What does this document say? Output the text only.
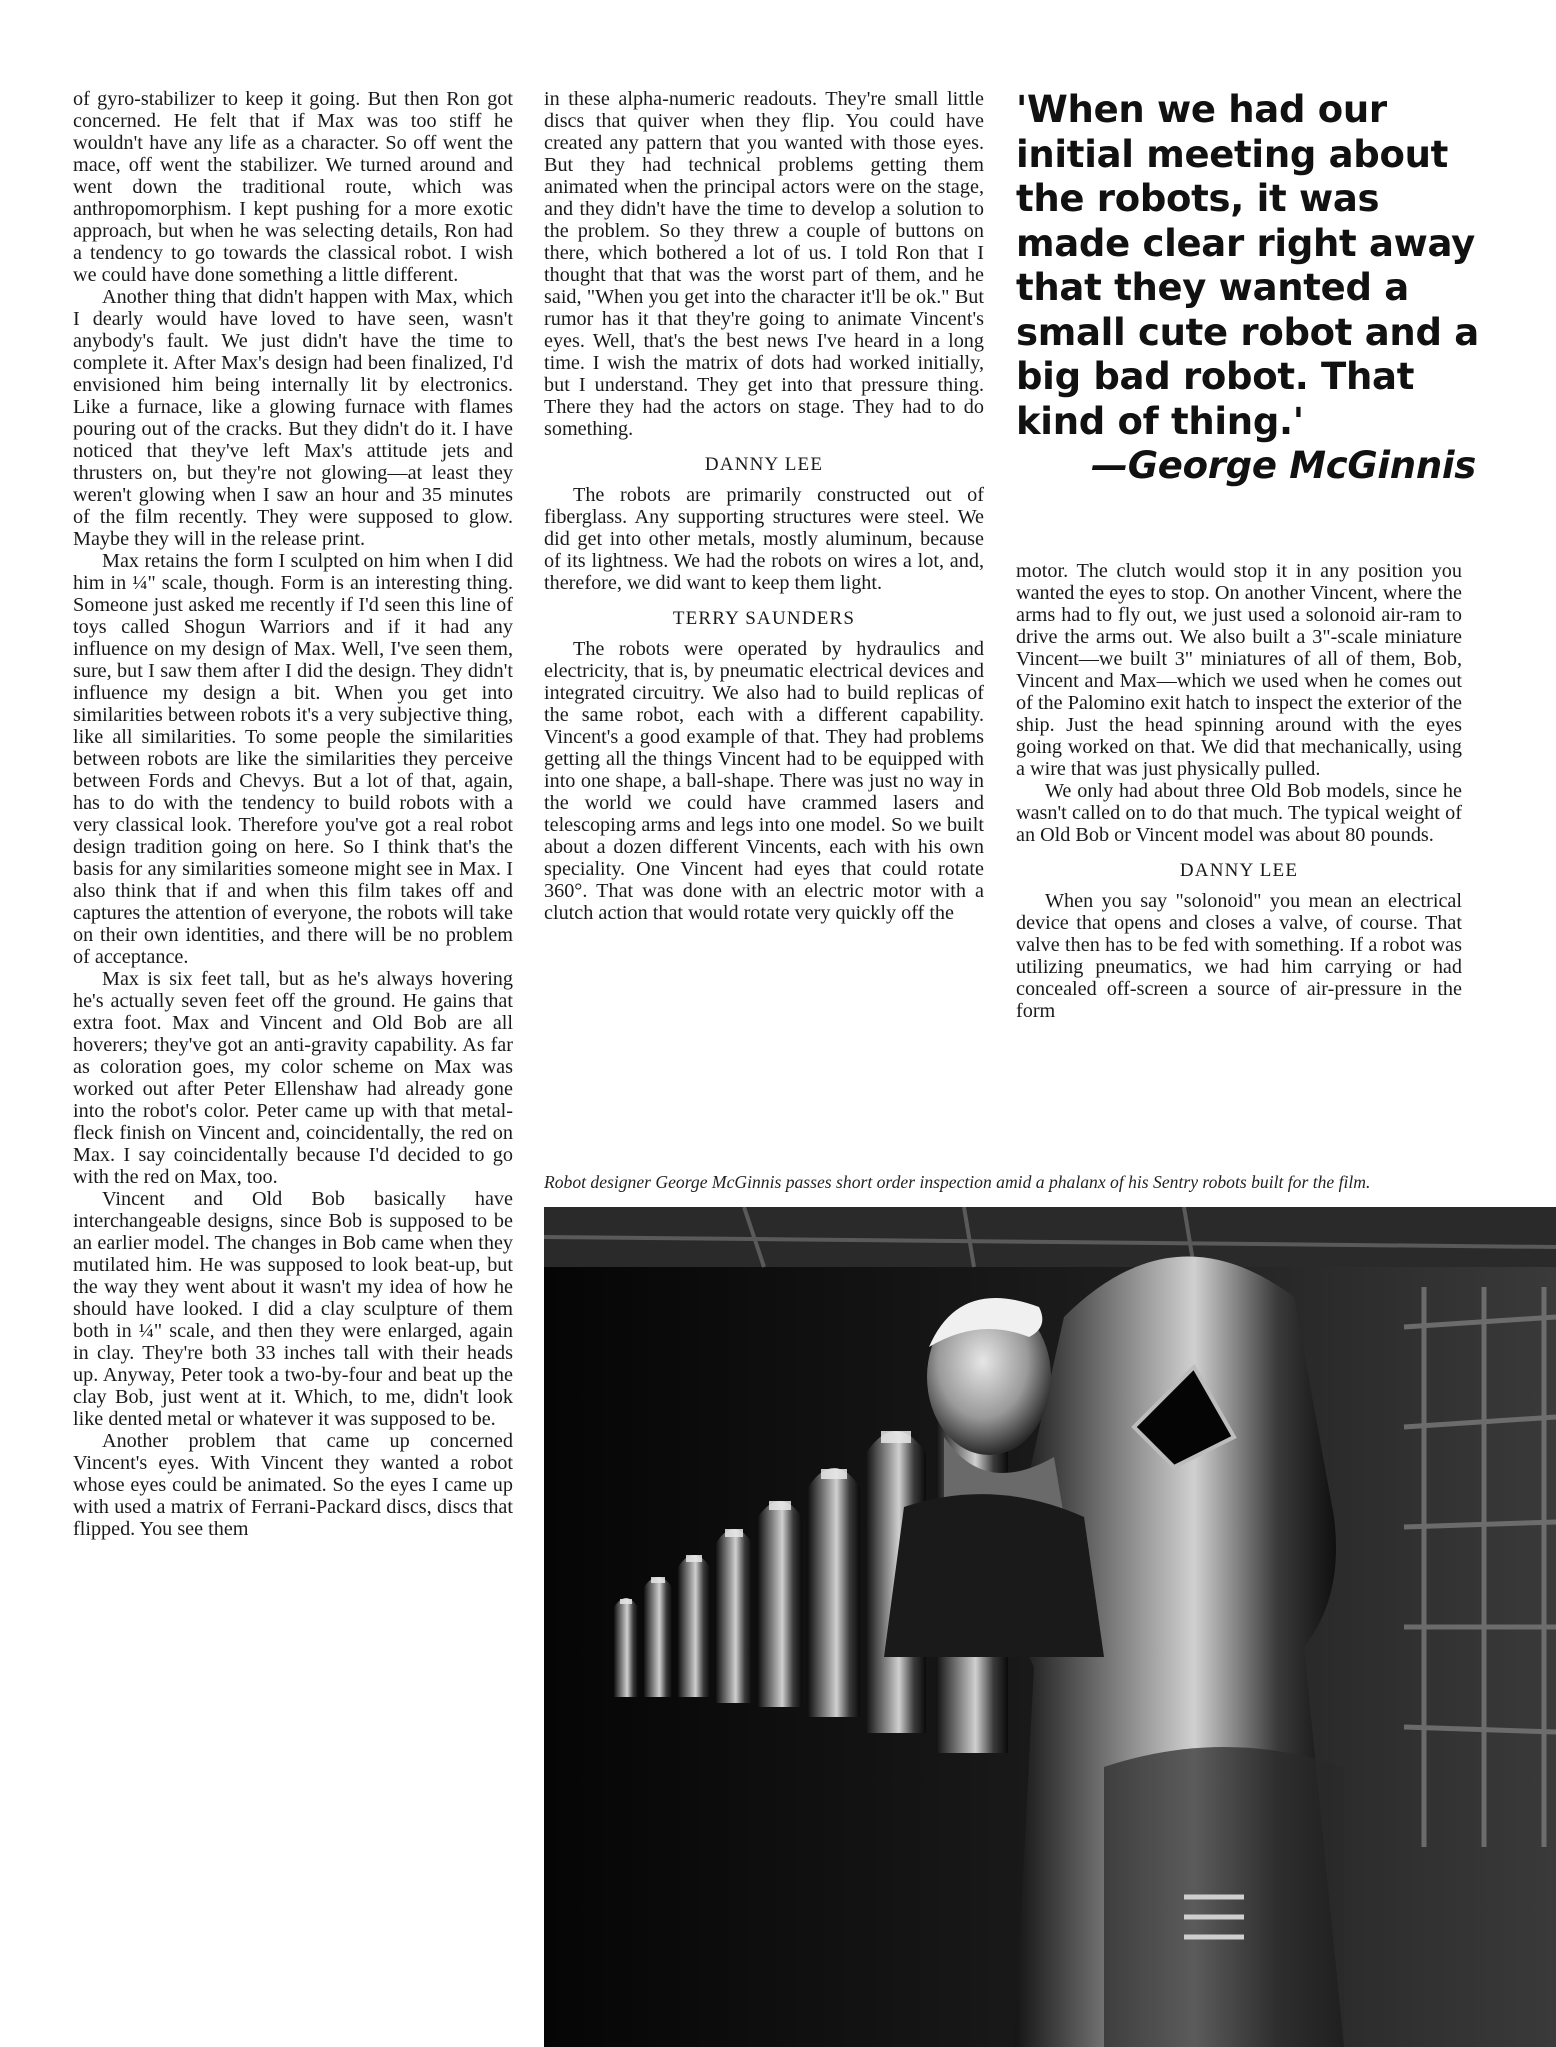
of gyro-stabilizer to keep it going. But then Ron got concerned. He felt that if Max was too stiff he wouldn't have any life as a character. So off went the mace, off went the stabilizer. We turned around and went down the traditional route, which was anthropomorphism. I kept pushing for a more exotic approach, but when he was selecting details, Ron had a tendency to go towards the classical robot. I wish we could have done something a little different.

Another thing that didn't happen with Max, which I dearly would have loved to have seen, wasn't anybody's fault. We just didn't have the time to complete it. After Max's design had been finalized, I'd envisioned him being internally lit by electronics. Like a furnace, like a glowing furnace with flames pouring out of the cracks. But they didn't do it. I have noticed that they've left Max's attitude jets and thrusters on, but they're not glowing—at least they weren't glowing when I saw an hour and 35 minutes of the film recently. They were supposed to glow. Maybe they will in the release print.

Max retains the form I sculpted on him when I did him in ¼" scale, though. Form is an interesting thing. Someone just asked me recently if I'd seen this line of toys called Shogun Warriors and if it had any influence on my design of Max. Well, I've seen them, sure, but I saw them after I did the design. They didn't influence my design a bit. When you get into similarities between robots it's a very subjective thing, like all similarities. To some people the similarities between robots are like the similarities they perceive between Fords and Chevys. But a lot of that, again, has to do with the tendency to build robots with a very classical look. Therefore you've got a real robot design tradition going on here. So I think that's the basis for any similarities someone might see in Max. I also think that if and when this film takes off and captures the attention of everyone, the robots will take on their own identities, and there will be no problem of acceptance.

Max is six feet tall, but as he's always hovering he's actually seven feet off the ground. He gains that extra foot. Max and Vincent and Old Bob are all hoverers; they've got an anti-gravity capability. As far as coloration goes, my color scheme on Max was worked out after Peter Ellenshaw had already gone into the robot's color. Peter came up with that metal-fleck finish on Vincent and, coincidentally, the red on Max. I say coincidentally because I'd decided to go with the red on Max, too.

Vincent and Old Bob basically have interchangeable designs, since Bob is supposed to be an earlier model. The changes in Bob came when they mutilated him. He was supposed to look beat-up, but the way they went about it wasn't my idea of how he should have looked. I did a clay sculpture of them both in ¼" scale, and then they were enlarged, again in clay. They're both 33 inches tall with their heads up. Anyway, Peter took a two-by-four and beat up the clay Bob, just went at it. Which, to me, didn't look like dented metal or whatever it was supposed to be.

Another problem that came up concerned Vincent's eyes. With Vincent they wanted a robot whose eyes could be animated. So the eyes I came up with used a matrix of Ferrani-Packard discs, discs that flipped. You see them

in these alpha-numeric readouts. They're small little discs that quiver when they flip. You could have created any pattern that you wanted with those eyes. But they had technical problems getting them animated when the principal actors were on the stage, and they didn't have the time to develop a solution to the problem. So they threw a couple of buttons on there, which bothered a lot of us. I told Ron that I thought that that was the worst part of them, and he said, "When you get into the character it'll be ok." But rumor has it that they're going to animate Vincent's eyes. Well, that's the best news I've heard in a long time. I wish the matrix of dots had worked initially, but I understand. They get into that pressure thing. There they had the actors on stage. They had to do something.

DANNY LEE

The robots are primarily constructed out of fiberglass. Any supporting structures were steel. We did get into other metals, mostly aluminum, because of its lightness. We had the robots on wires a lot, and, therefore, we did want to keep them light.

TERRY SAUNDERS

The robots were operated by hydraulics and electricity, that is, by pneumatic electrical devices and integrated circuitry. We also had to build replicas of the same robot, each with a different capability. Vincent's a good example of that. They had problems getting all the things Vincent had to be equipped with into one shape, a ball-shape. There was just no way in the world we could have crammed lasers and telescoping arms and legs into one model. So we built about a dozen different Vincents, each with his own speciality. One Vincent had eyes that could rotate 360°. That was done with an electric motor with a clutch action that would rotate very quickly off the

'When we had our initial meeting about the robots, it was made clear right away that they wanted a small cute robot and a big bad robot. That kind of thing.'
—George McGinnis

motor. The clutch would stop it in any position you wanted the eyes to stop. On another Vincent, where the arms had to fly out, we just used a solonoid air-ram to drive the arms out. We also built a 3"-scale miniature Vincent—we built 3" miniatures of all of them, Bob, Vincent and Max—which we used when he comes out of the Palomino exit hatch to inspect the exterior of the ship. Just the head spinning around with the eyes going worked on that. We did that mechanically, using a wire that was just physically pulled.

We only had about three Old Bob models, since he wasn't called on to do that much. The typical weight of an Old Bob or Vincent model was about 80 pounds.

DANNY LEE

When you say "solonoid" you mean an electrical device that opens and closes a valve, of course. That valve then has to be fed with something. If a robot was utilizing pneumatics, we had him carrying or had concealed off-screen a source of air-pressure in the form

Robot designer George McGinnis passes short order inspection amid a phalanx of his Sentry robots built for the film.
